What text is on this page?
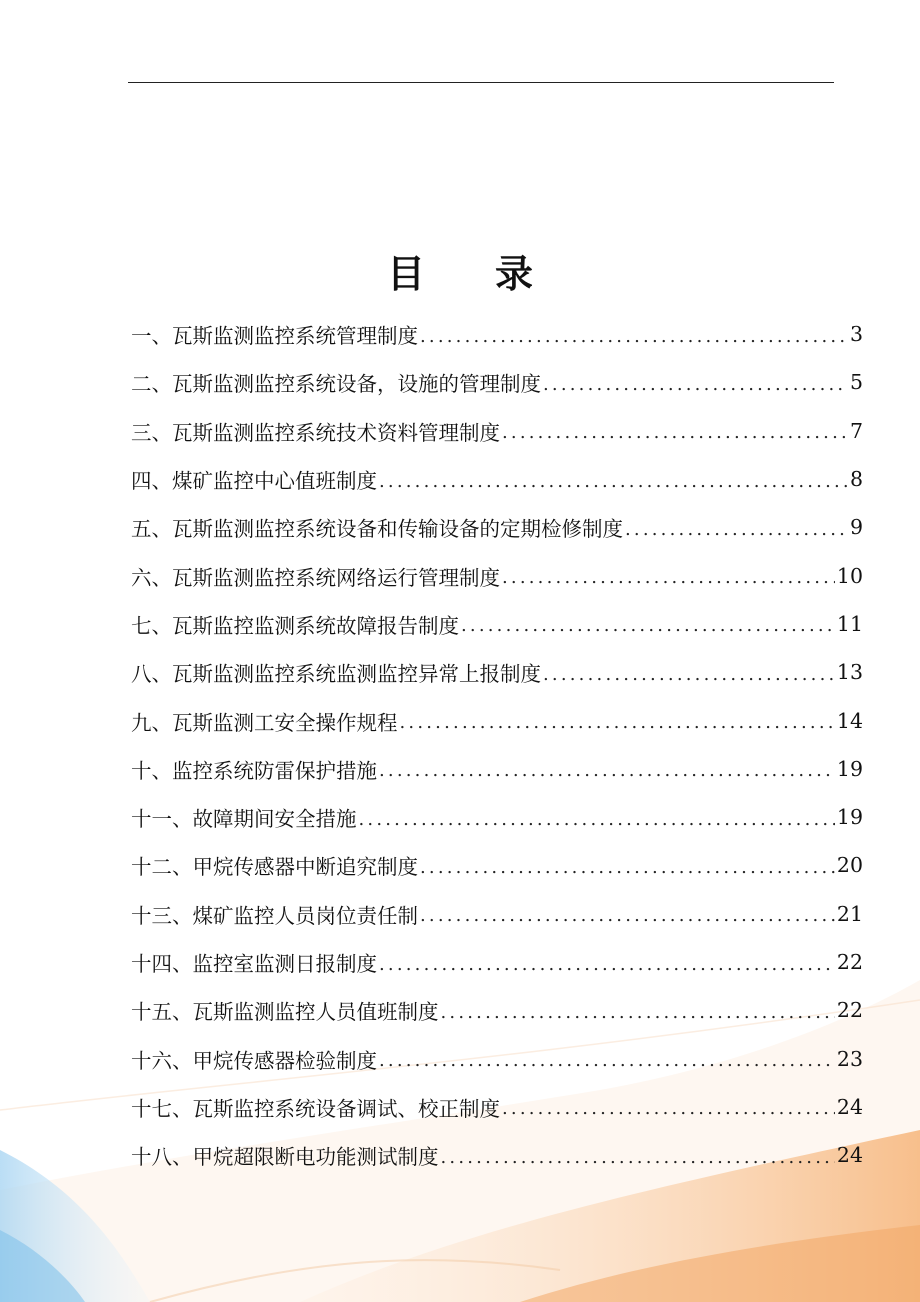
目 录
一、瓦斯监测监控系统管理制度 .....	3
二、瓦斯监测监控系统设备，设施的管理制度 .....	5
三、瓦斯监测监控系统技术资料管理制度 .....	7
四、煤矿监控中心值班制度 .....	8
五、瓦斯监测监控系统设备和传输设备的定期检修制度 .....	9
六、瓦斯监测监控系统网络运行管理制度 .....	10
七、瓦斯监控监测系统故障报告制度 .....	11
八、瓦斯监测监控系统监测监控异常上报制度 .....	13
九、瓦斯监测工安全操作规程 .....	14
十、监控系统防雷保护措施 .....	19
十一、故障期间安全措施 .....	19
十二、甲烷传感器中断追究制度 .....	20
十三、煤矿监控人员岗位责任制 .....	21
十四、监控室监测日报制度 .....	22
十五、瓦斯监测监控人员值班制度 .....	22
十六、甲烷传感器检验制度 .....	23
十七、瓦斯监控系统设备调试、校正制度 .....	24
十八、甲烷超限断电功能测试制度 .....	24
